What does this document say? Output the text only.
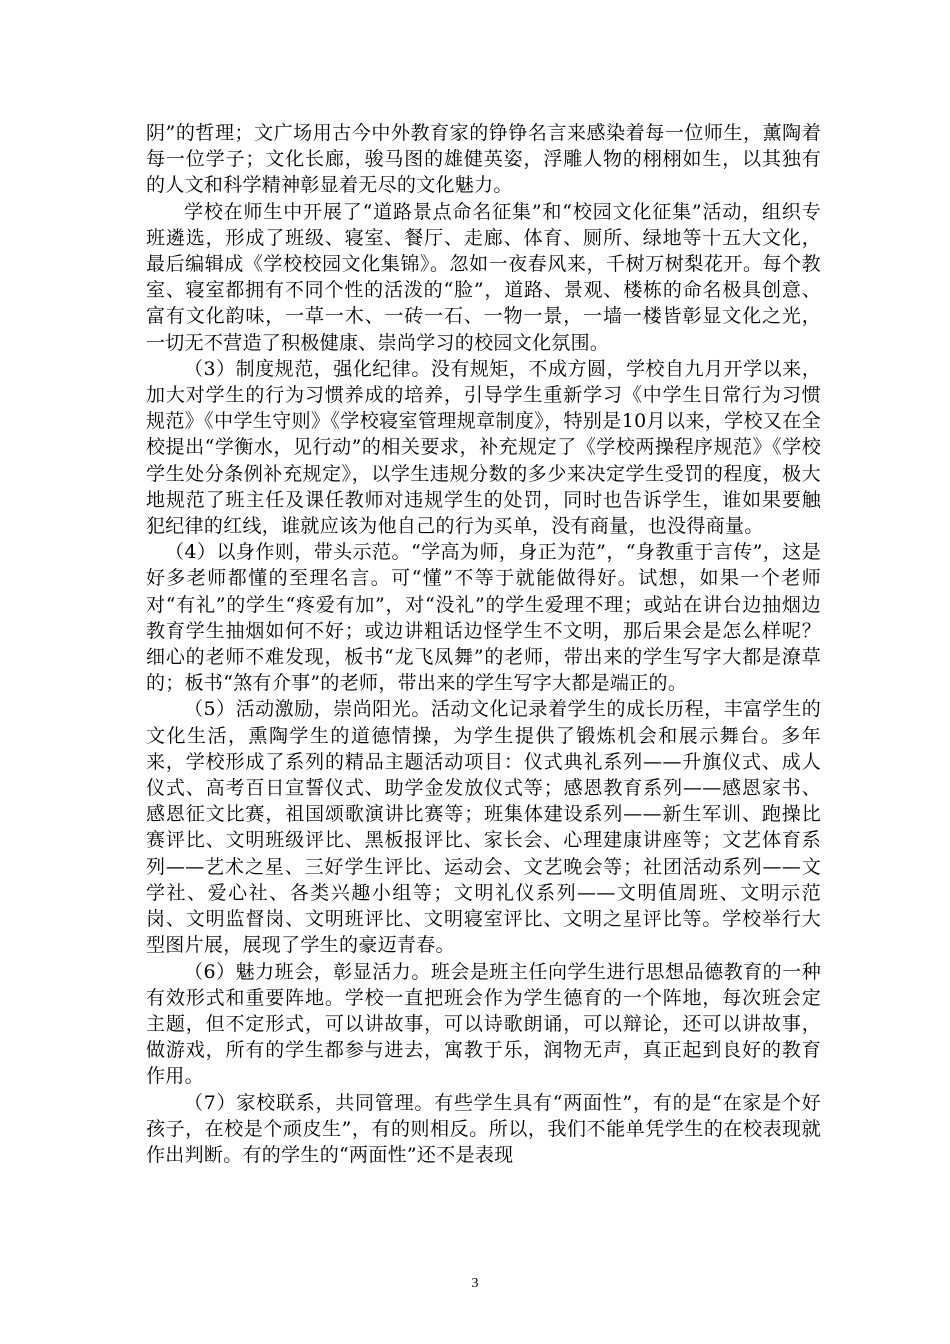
阴”的哲理；文广场用古今中外教育家的铮铮名言来感染着每一位师生，薰陶着每一位学子；文化长廊，骏马图的雄健英姿，浮雕人物的栩栩如生，以其独有的人文和科学精神彰显着无尽的文化魅力。

学校在师生中开展了“道路景点命名征集”和“校园文化征集”活动，组织专班遴选，形成了班级、寝室、餐厅、走廊、体育、厕所、绿地等十五大文化，最后编辑成《学校校园文化集锦》。忽如一夜春风来，千树万树梨花开。每个教室、寝室都拥有不同个性的活泼的“脸”，道路、景观、楼栋的命名极具创意、富有文化韵味，一草一木、一砖一石、一物一景，一墙一楼皆彰显文化之光，一切无不营造了积极健康、崇尚学习的校园文化氛围。

（3）制度规范，强化纪律。没有规矩，不成方圆，学校自九月开学以来，加大对学生的行为习惯养成的培养，引导学生重新学习《中学生日常行为习惯规范》《中学生守则》《学校寝室管理规章制度》，特别是10月以来，学校又在全校提出“学衡水，见行动”的相关要求，补充规定了《学校两操程序规范》《学校学生处分条例补充规定》，以学生违规分数的多少来决定学生受罚的程度，极大地规范了班主任及课任教师对违规学生的处罚，同时也告诉学生，谁如果要触犯纪律的红线，谁就应该为他自己的行为买单，没有商量，也没得商量。

（4）以身作则，带头示范。“学高为师，身正为范”，“身教重于言传”，这是好多老师都懂的至理名言。可“懂”不等于就能做得好。试想，如果一个老师对“有礼”的学生“疼爱有加”，对“没礼”的学生爱理不理；或站在讲台边抽烟边教育学生抽烟如何不好；或边讲粗话边怪学生不文明，那后果会是怎么样呢？细心的老师不难发现，板书“龙飞凤舞”的老师，带出来的学生写字大都是潦草的；板书“煞有介事”的老师，带出来的学生写字大都是端正的。

（5）活动激励，崇尚阳光。活动文化记录着学生的成长历程，丰富学生的文化生活，熏陶学生的道德情操，为学生提供了锻炼机会和展示舞台。多年来，学校形成了系列的精品主题活动项目：仪式典礼系列——升旗仪式、成人仪式、高考百日宣誓仪式、助学金发放仪式等；感恩教育系列——感恩家书、感恩征文比赛，祖国颂歌演讲比赛等；班集体建设系列——新生军训、跑操比赛评比、文明班级评比、黑板报评比、家长会、心理建康讲座等；文艺体育系列——艺术之星、三好学生评比、运动会、文艺晚会等；社团活动系列——文学社、爱心社、各类兴趣小组等；文明礼仪系列——文明值周班、文明示范岗、文明监督岗、文明班评比、文明寝室评比、文明之星评比等。学校举行大型图片展，展现了学生的豪迈青春。

（6）魅力班会，彰显活力。班会是班主任向学生进行思想品德教育的一种有效形式和重要阵地。学校一直把班会作为学生德育的一个阵地，每次班会定主题，但不定形式，可以讲故事，可以诗歌朗诵，可以辩论，还可以讲故事，做游戏，所有的学生都参与进去，寓教于乐，润物无声，真正起到良好的教育作用。

（7）家校联系，共同管理。有些学生具有“两面性”，有的是“在家是个好孩子，在校是个顽皮生”，有的则相反。所以，我们不能单凭学生的在校表现就作出判断。有的学生的“两面性”还不是表现

3
